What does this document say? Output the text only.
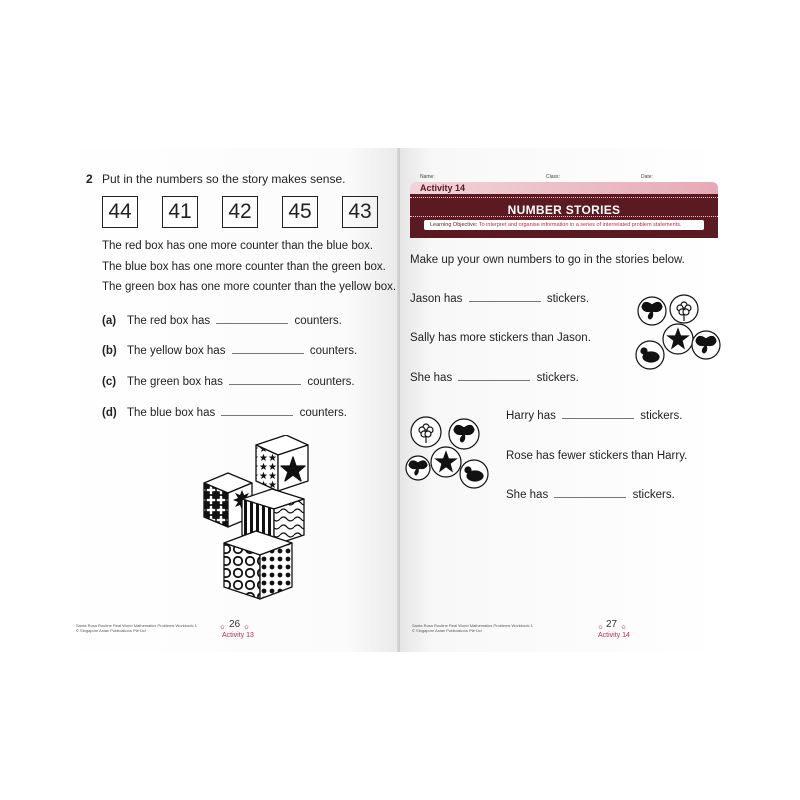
2 Put in the numbers so the story makes sense.
44	41	42	45	43
The red box has one more counter than the blue box.
The blue box has one more counter than the green box.
The green box has one more counter than the yellow box.
(a) The red box has	counters.
(b) The yellow box has	counters.
(c) The green box has	counters.
(d) The blue box has	counters.
Santa Rosa Routine Real World Mathematics Problems Workbook 1
© Singapore Asian Publications Pte Ltd	✩ 26 ✩
Activity 13
Name:	Class:	Date:
Activity 14
NUMBER STORIES
Learning Objective: To interpret and organise information in a series of interrelated problem statements.
Make up your own numbers to go in the stories below.
Jason has	stickers.
Sally has more stickers than Jason.
She has	stickers.
Harry has	stickers.
Rose has fewer stickers than Harry.
She has	stickers.
Santa Rosa Routine Real World Mathematics Problems Workbook 1
© Singapore Asian Publications Pte Ltd	✩ 27 ✩
Activity 14
